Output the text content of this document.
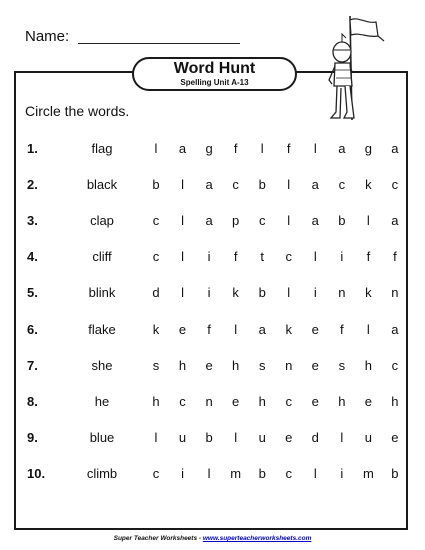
Name:
Word Hunt
Spelling Unit A-13
Circle the words.
1.	flag	l	a	g	f	l	f	l	a	g	a
2.	black	b	l	a	c	b	l	a	c	k	c
3.	clap	c	l	a	p	c	l	a	b	l	a
4.	cliff	c	l	i	f	t	c	l	i	f	f
5.	blink	d	l	i	k	b	l	i	n	k	n
6.	flake	k	e	f	l	a	k	e	f	l	a
7.	she	s	h	e	h	s	n	e	s	h	c
8.	he	h	c	n	e	h	c	e	h	e	h
9.	blue	l	u	b	l	u	e	d	l	u	e
10.	climb	c	i	l	m	b	c	l	i	m	b
Super Teacher Worksheets - www.superteacherworksheets.com
